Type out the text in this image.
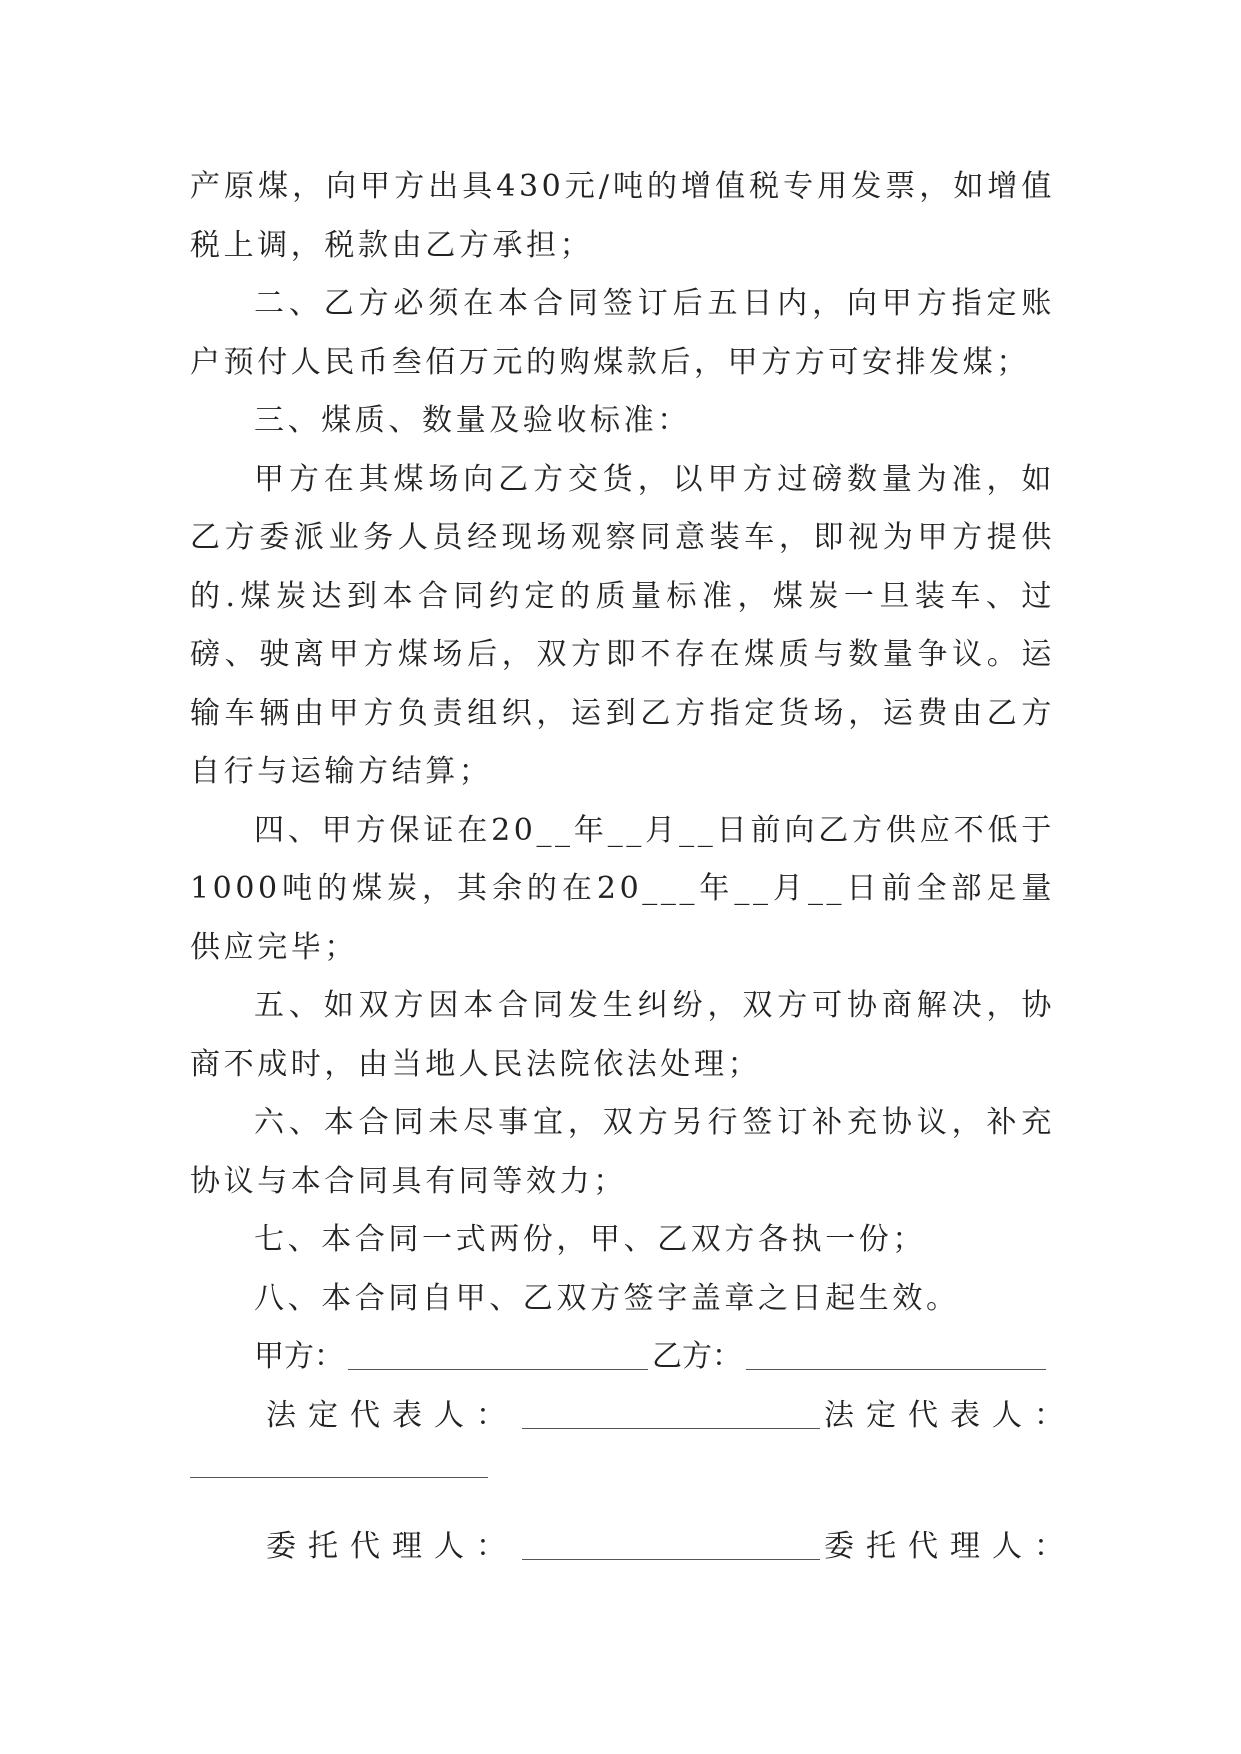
产原煤，向甲方出具430元/吨的增值税专用发票，如增值税上调，税款由乙方承担；

二、乙方必须在本合同签订后五日内，向甲方指定账户预付人民币叁佰万元的购煤款后，甲方方可安排发煤；

三、煤质、数量及验收标准：

甲方在其煤场向乙方交货，以甲方过磅数量为准，如乙方委派业务人员经现场观察同意装车，即视为甲方提供的.煤炭达到本合同约定的质量标准，煤炭一旦装车、过磅、驶离甲方煤场后，双方即不存在煤质与数量争议。运输车辆由甲方负责组织，运到乙方指定货场，运费由乙方自行与运输方结算；

四、甲方保证在20__年__月__日前向乙方供应不低于1000吨的煤炭，其余的在20___年__月__日前全部足量供应完毕；

五、如双方因本合同发生纠纷，双方可协商解决，协商不成时，由当地人民法院依法处理；

六、本合同未尽事宜，双方另行签订补充协议，补充协议与本合同具有同等效力；

七、本合同一式两份，甲、乙双方各执一份；

八、本合同自甲、乙双方签字盖章之日起生效。

甲方：	乙方：
法定代表人：	法定代表人：
委托代理人：	委托代理人：
